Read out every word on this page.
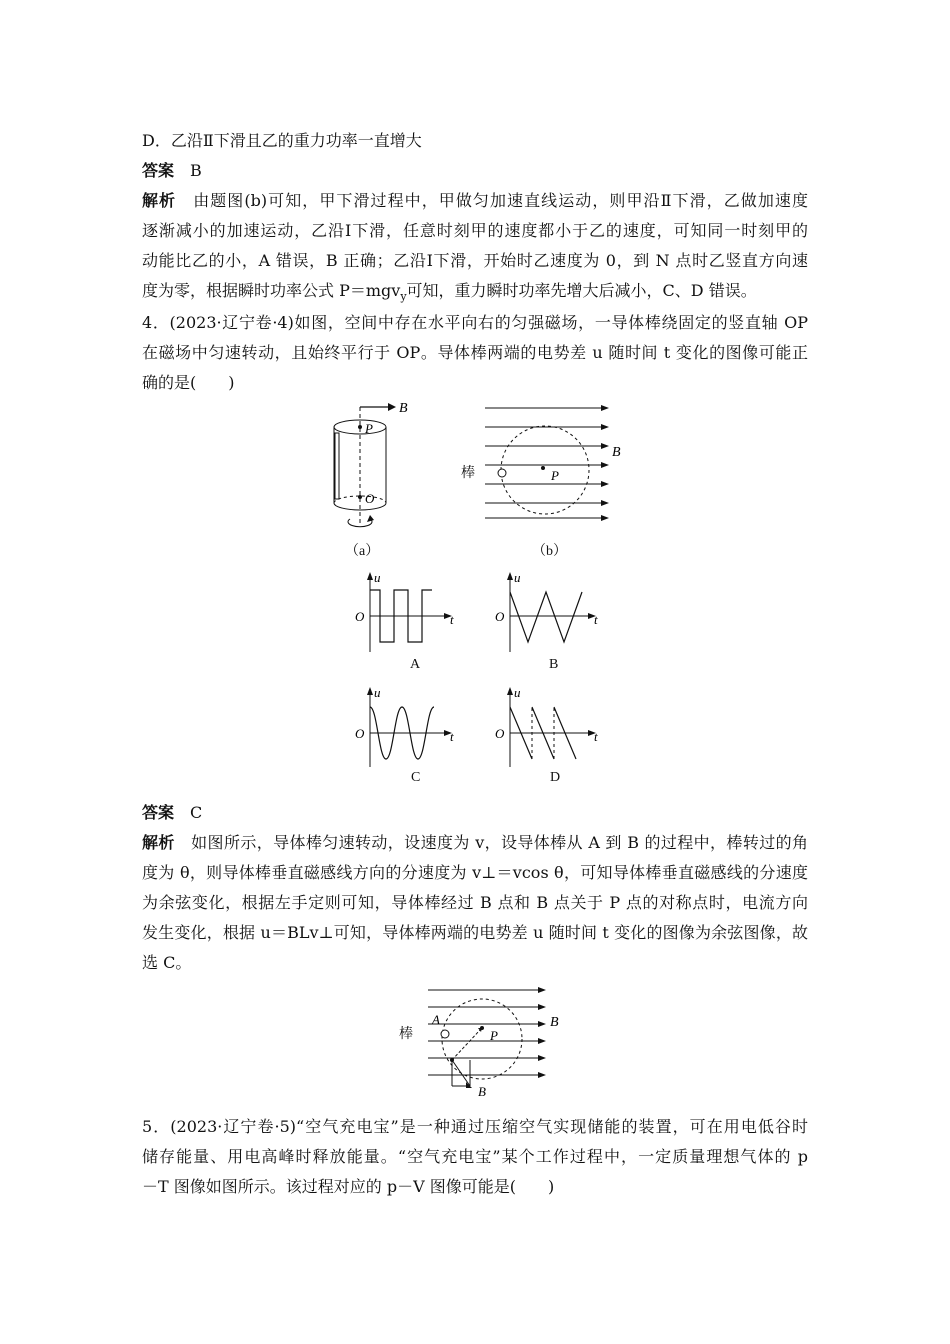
D．乙沿Ⅱ下滑且乙的重力功率一直增大
答案　 B
解析　 由题图(b)可知，甲下滑过程中，甲做匀加速直线运动，则甲沿Ⅱ下滑，乙做加速度
逐渐减小的加速运动，乙沿Ⅰ下滑，任意时刻甲的速度都小于乙的速度，可知同一时刻甲的
动能比乙的小，A 错误，B 正确；乙沿Ⅰ下滑，开始时乙速度为 0，到 N 点时乙竖直方向速
度为零，根据瞬时功率公式 P＝mgv$_y$可知，重力瞬时功率先增大后减小，C、D 错误。
4．(2023·辽宁卷·4)如图，空间中存在水平向右的匀强磁场，一导体棒绕固定的竖直轴 OP
在磁场中匀速转动，且始终平行于 OP。导体棒两端的电势差 u 随时间 t 变化的图像可能正
确的是(　　)
B
P
O
（a）
P
B
棒
（b）
u
O	t
A
u
O	t
B
u
O	t
C
u
O	t
D
答案　 C
解析　 如图所示，导体棒匀速转动，设速度为 v，设导体棒从 A 到 B 的过程中，棒转过的角
度为 θ，则导体棒垂直磁感线方向的分速度为 v⊥＝vcos θ，可知导体棒垂直磁感线的分速度
为余弦变化，根据左手定则可知，导体棒经过 B 点和 B 点关于 P 点的对称点时，电流方向
发生变化，根据 u＝BLv⊥可知，导体棒两端的电势差 u 随时间 t 变化的图像为余弦图像，故
选 C。
A
P
B
B
棒
5．(2023·辽宁卷·5)“空气充电宝”是一种通过压缩空气实现储能的装置，可在用电低谷时
储存能量、用电高峰时释放能量。“空气充电宝”某个工作过程中，一定质量理想气体的 p
－T 图像如图所示。该过程对应的 p－V 图像可能是(　　)
